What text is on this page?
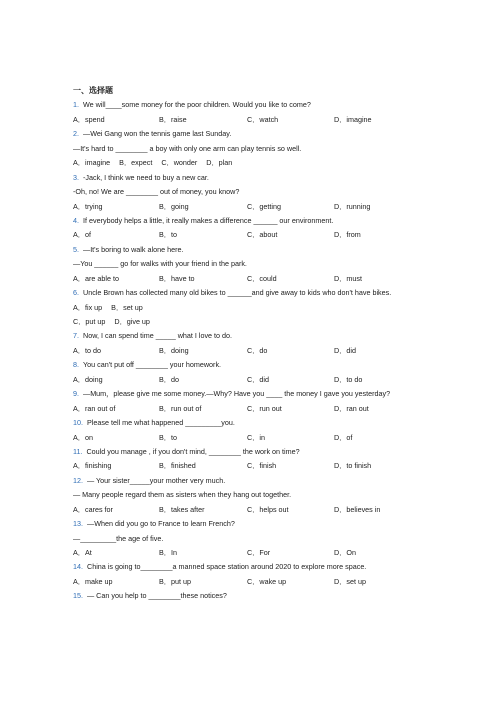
一、选择题
1. We will____some money for the poor children. Would you like to come?
A．spend	B．raise	C．watch	D．imagine
2. —Wei Gang won the tennis game last Sunday.
—It's hard to ________ a boy with only one arm can play tennis so well.
A．imagine B．expect C．wonder D．plan
3. -Jack, I think we need to buy a new car.
-Oh, no! We are ________ out of money, you know?
A．trying	B．going	C．getting	D．running
4. If everybody helps a little, it really makes a difference ______ our environment.
A．of	B．to	C．about	D．from
5. —It's boring to walk alone here.
—You ______ go for walks with your friend in the park.
A．are able to	B．have to	C．could	D．must
6. Uncle Brown has collected many old bikes to ______and give away to kids who don't have bikes.
A．fix up B．set up
C．put up D．give up
7. Now, I can spend time _____ what I love to do.
A．to do	B．doing	C．do	D．did
8. You can't put off ________ your homework.
A．doing	B．do	C．did	D．to do
9. —Mum，please give me some money.—Why? Have you ____ the money I gave you yesterday?
A．ran out of	B．run out of	C．run out	D．ran out
10. Please tell me what happened _________you.
A．on	B．to	C．in	D．of
11. Could you manage , if you don't mind, ________ the work on time?
A．finishing	B．finished	C．finish	D．to finish
12. — Your sister_____your mother very much.
— Many people regard them as sisters when they hang out together.
A．cares for	B．takes after	C．helps out	D．believes in
13. —When did you go to France to learn French?
—_________the age of five.
A．At	B．In	C．For	D．On
14. China is going to________a manned space station around 2020 to explore more space.
A．make up	B．put up	C．wake up	D．set up
15. — Can you help to ________these notices?
